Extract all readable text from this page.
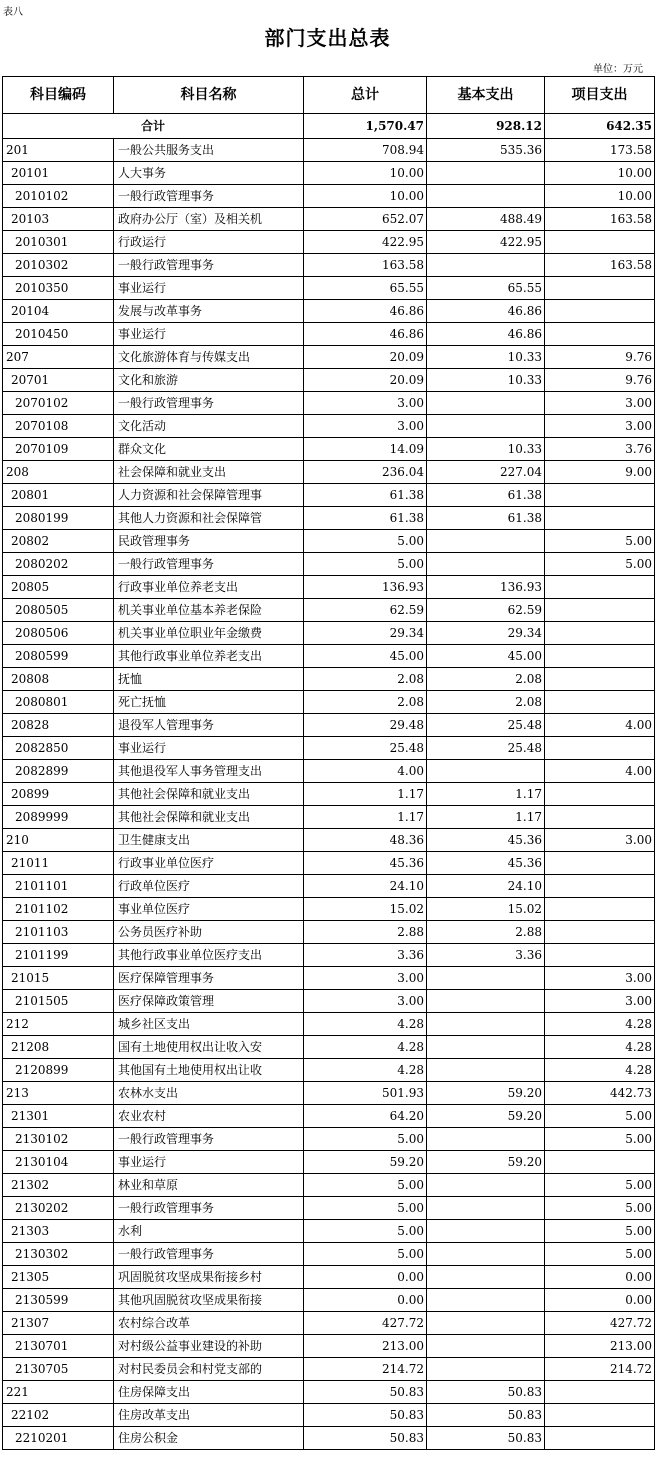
表八
部门支出总表
单位：万元
科目编码	科目名称	总计	基本支出	项目支出
合计		1,570.47	928.12	642.35
201	一般公共服务支出	708.94	535.36	173.58
20101	人大事务	10.00		10.00
2010102	一般行政管理事务	10.00		10.00
20103	政府办公厅（室）及相关机	652.07	488.49	163.58
2010301	行政运行	422.95	422.95	
2010302	一般行政管理事务	163.58		163.58
2010350	事业运行	65.55	65.55	
20104	发展与改革事务	46.86	46.86	
2010450	事业运行	46.86	46.86	
207	文化旅游体育与传媒支出	20.09	10.33	9.76
20701	文化和旅游	20.09	10.33	9.76
2070102	一般行政管理事务	3.00		3.00
2070108	文化活动	3.00		3.00
2070109	群众文化	14.09	10.33	3.76
208	社会保障和就业支出	236.04	227.04	9.00
20801	人力资源和社会保障管理事	61.38	61.38	
2080199	其他人力资源和社会保障管	61.38	61.38	
20802	民政管理事务	5.00		5.00
2080202	一般行政管理事务	5.00		5.00
20805	行政事业单位养老支出	136.93	136.93	
2080505	机关事业单位基本养老保险	62.59	62.59	
2080506	机关事业单位职业年金缴费	29.34	29.34	
2080599	其他行政事业单位养老支出	45.00	45.00	
20808	抚恤	2.08	2.08	
2080801	死亡抚恤	2.08	2.08	
20828	退役军人管理事务	29.48	25.48	4.00
2082850	事业运行	25.48	25.48	
2082899	其他退役军人事务管理支出	4.00		4.00
20899	其他社会保障和就业支出	1.17	1.17	
2089999	其他社会保障和就业支出	1.17	1.17	
210	卫生健康支出	48.36	45.36	3.00
21011	行政事业单位医疗	45.36	45.36	
2101101	行政单位医疗	24.10	24.10	
2101102	事业单位医疗	15.02	15.02	
2101103	公务员医疗补助	2.88	2.88	
2101199	其他行政事业单位医疗支出	3.36	3.36	
21015	医疗保障管理事务	3.00		3.00
2101505	医疗保障政策管理	3.00		3.00
212	城乡社区支出	4.28		4.28
21208	国有土地使用权出让收入安	4.28		4.28
2120899	其他国有土地使用权出让收	4.28		4.28
213	农林水支出	501.93	59.20	442.73
21301	农业农村	64.20	59.20	5.00
2130102	一般行政管理事务	5.00		5.00
2130104	事业运行	59.20	59.20	
21302	林业和草原	5.00		5.00
2130202	一般行政管理事务	5.00		5.00
21303	水利	5.00		5.00
2130302	一般行政管理事务	5.00		5.00
21305	巩固脱贫攻坚成果衔接乡村	0.00		0.00
2130599	其他巩固脱贫攻坚成果衔接	0.00		0.00
21307	农村综合改革	427.72		427.72
2130701	对村级公益事业建设的补助	213.00		213.00
2130705	对村民委员会和村党支部的	214.72		214.72
221	住房保障支出	50.83	50.83	
22102	住房改革支出	50.83	50.83	
2210201	住房公积金	50.83	50.83	
